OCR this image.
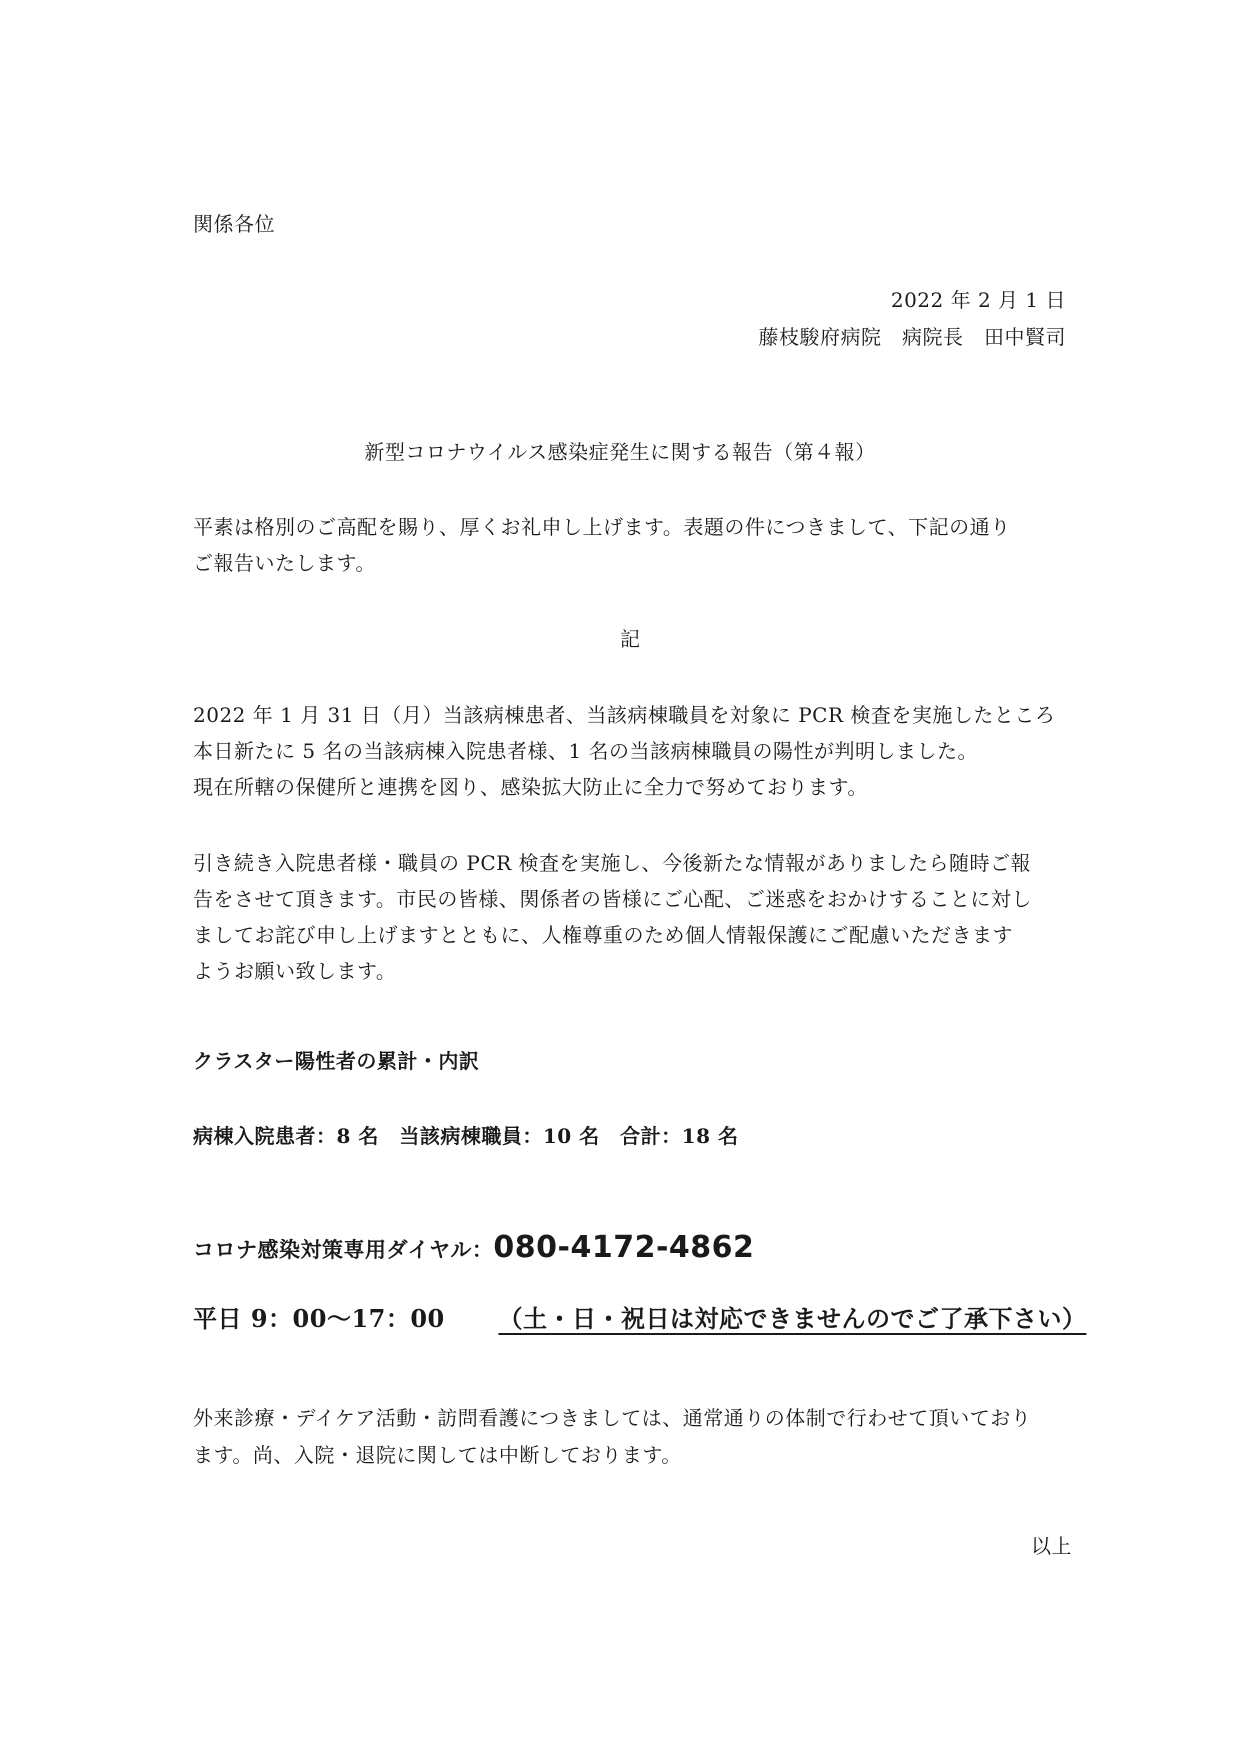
関係各位
2022 年 2 月 1 日
藤枝駿府病院　病院長　田中賢司
新型コロナウイルス感染症発生に関する報告（第４報）
平素は格別のご高配を賜り、厚くお礼申し上げます。表題の件につきまして、下記の通り
ご報告いたします。
記
2022 年 1 月 31 日（月）当該病棟患者、当該病棟職員を対象に PCR 検査を実施したところ
本日新たに 5 名の当該病棟入院患者様、1 名の当該病棟職員の陽性が判明しました。
現在所轄の保健所と連携を図り、感染拡大防止に全力で努めております。
引き続き入院患者様・職員の PCR 検査を実施し、今後新たな情報がありましたら随時ご報
告をさせて頂きます。市民の皆様、関係者の皆様にご心配、ご迷惑をおかけすることに対し
ましてお詫び申し上げますとともに、人権尊重のため個人情報保護にご配慮いただきます
ようお願い致します。
クラスター陽性者の累計・内訳
病棟入院患者：8 名　当該病棟職員：10 名　合計：18 名
コロナ感染対策専用ダイヤル：080-4172-4862
平日 9：00～17：00 （土・日・祝日は対応できませんのでご了承下さい）
外来診療・デイケア活動・訪問看護につきましては、通常通りの体制で行わせて頂いており
ます。尚、入院・退院に関しては中断しております。
以上
